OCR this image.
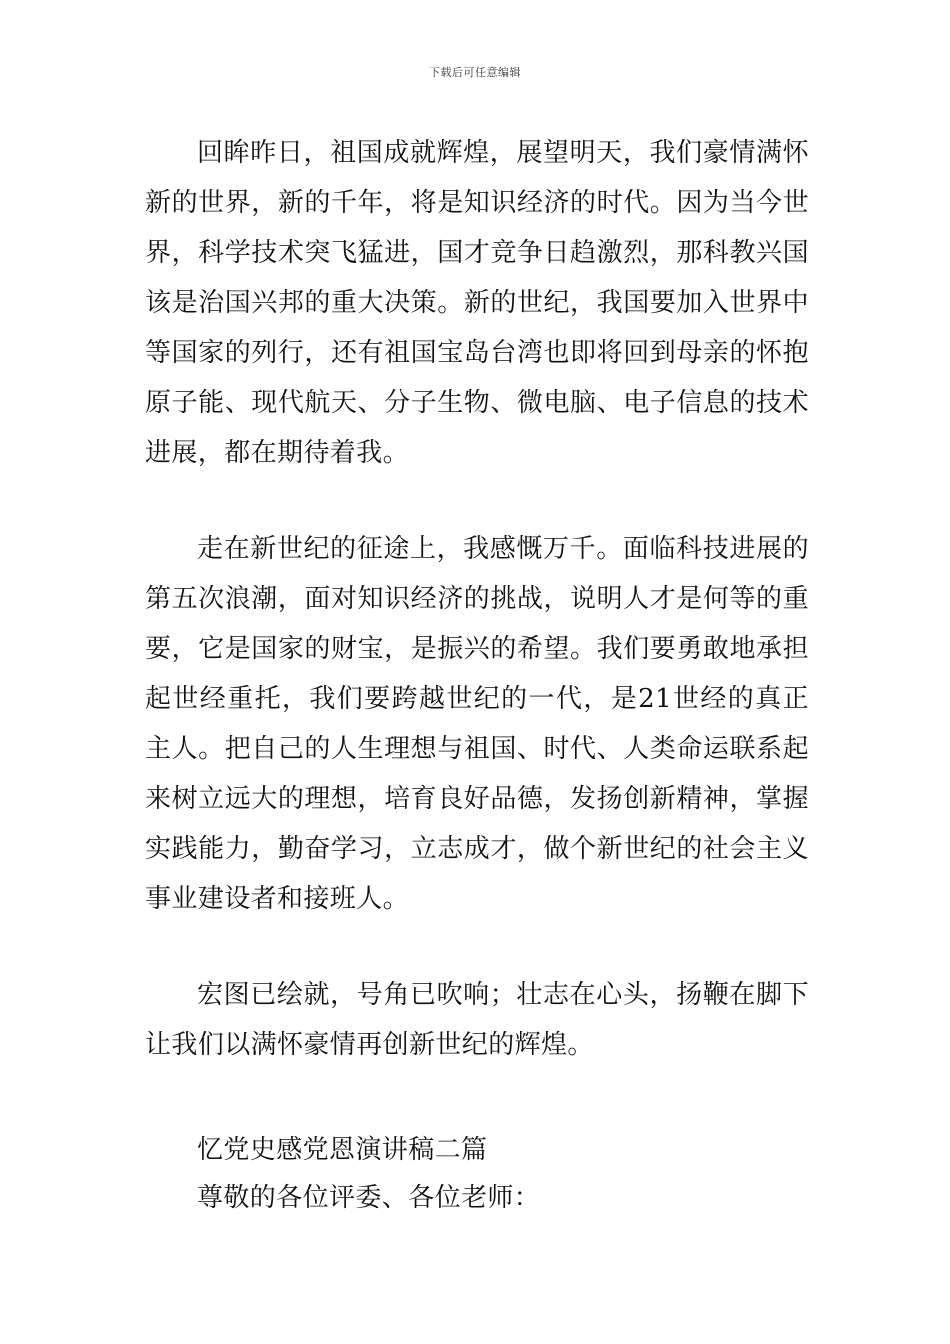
下载后可任意编辑

回眸昨日，祖国成就辉煌，展望明天，我们豪情满怀新的世界，新的千年，将是知识经济的时代。因为当今世界，科学技术突飞猛进，国才竞争日趋激烈，那科教兴国该是治国兴邦的重大决策。新的世纪，我国要加入世界中等国家的列行，还有祖国宝岛台湾也即将回到母亲的怀抱原子能、现代航天、分子生物、微电脑、电子信息的技术进展，都在期待着我。

走在新世纪的征途上，我感慨万千。面临科技进展的第五次浪潮，面对知识经济的挑战，说明人才是何等的重要，它是国家的财宝，是振兴的希望。我们要勇敢地承担起世经重托，我们要跨越世纪的一代，是21世经的真正主人。把自己的人生理想与祖国、时代、人类命运联系起来树立远大的理想，培育良好品德，发扬创新精神，掌握实践能力，勤奋学习，立志成才，做个新世纪的社会主义事业建设者和接班人。

宏图已绘就，号角已吹响；壮志在心头，扬鞭在脚下让我们以满怀豪情再创新世纪的辉煌。

忆党史感党恩演讲稿二篇

尊敬的各位评委、各位老师：
